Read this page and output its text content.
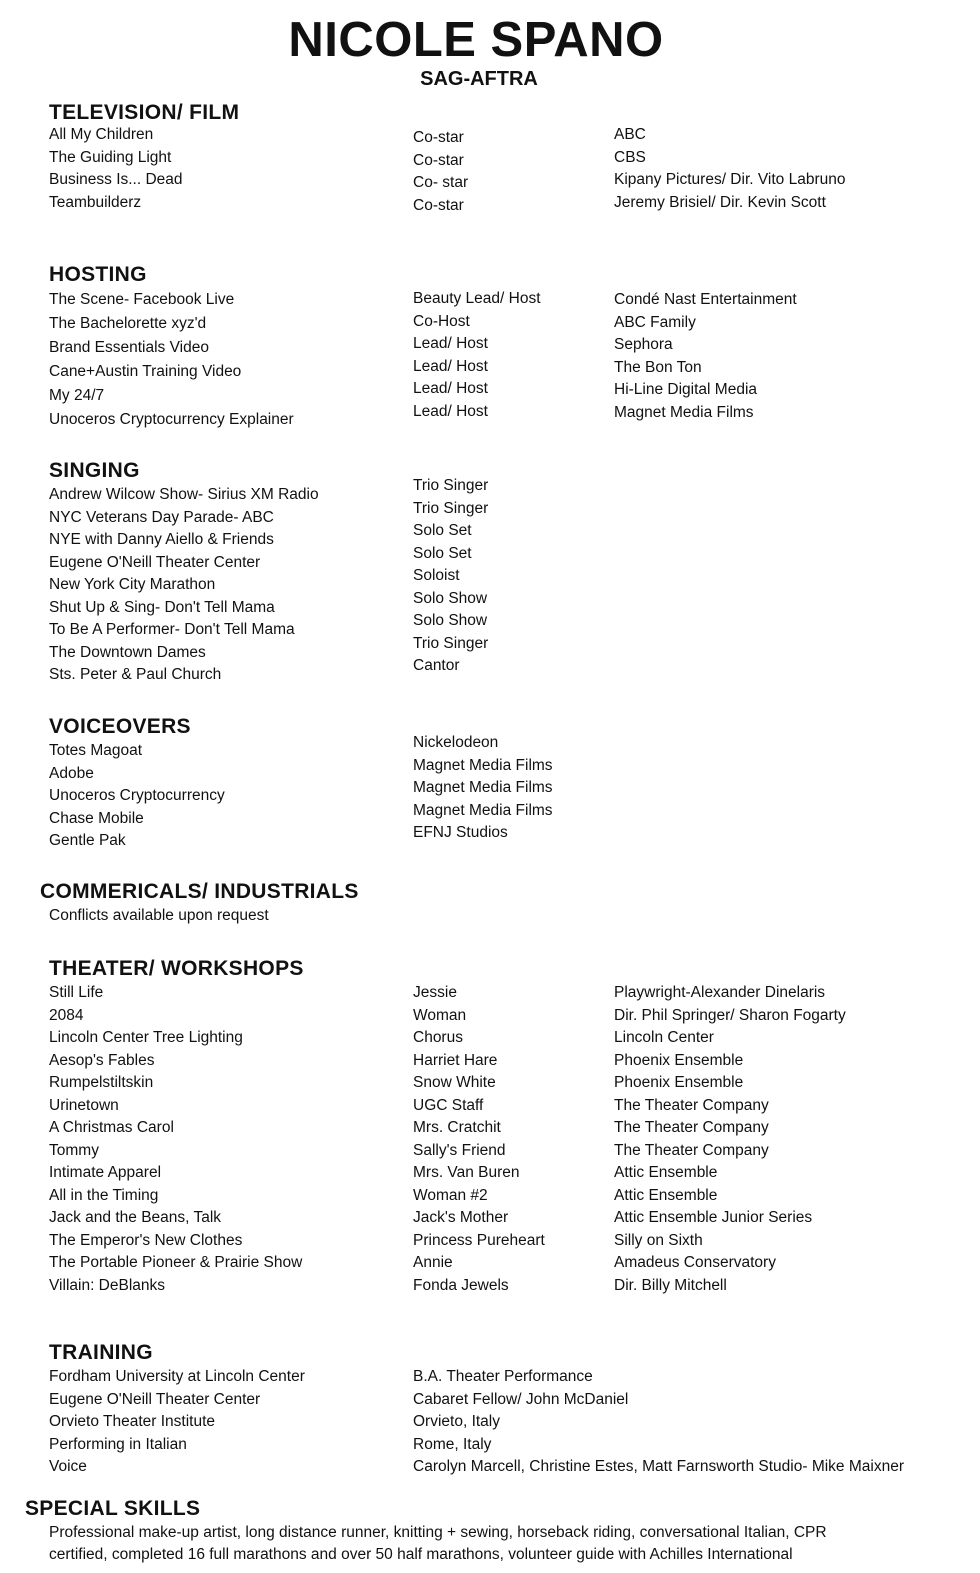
NICOLE SPANO
SAG-AFTRA
TELEVISION/ FILM
All My Children
The Guiding Light
Business Is... Dead
Teambuilderz
Co-star
Co-star
Co- star
Co-star
ABC
CBS
Kipany Pictures/ Dir. Vito Labruno
Jeremy Brisiel/ Dir. Kevin Scott
HOSTING
The Scene- Facebook Live
The Bachelorette xyz'd
Brand Essentials Video
Cane+Austin Training Video
My 24/7
Unoceros Cryptocurrency Explainer
Beauty Lead/ Host
Co-Host
Lead/ Host
Lead/ Host
Lead/ Host
Lead/ Host
Condé Nast Entertainment
ABC Family
Sephora
The Bon Ton
Hi-Line Digital Media
Magnet Media Films
SINGING
Andrew Wilcow Show- Sirius XM Radio
NYC Veterans Day Parade- ABC
NYE with Danny Aiello & Friends
Eugene O'Neill Theater Center
New York City Marathon
Shut Up & Sing- Don't Tell Mama
To Be A Performer- Don't Tell Mama
The Downtown Dames
Sts. Peter & Paul Church
Trio Singer
Trio Singer
Solo Set
Solo Set
Soloist
Solo Show
Solo Show
Trio Singer
Cantor
VOICEOVERS
Totes Magoat
Adobe
Unoceros Cryptocurrency
Chase Mobile
Gentle Pak
Nickelodeon
Magnet Media Films
Magnet Media Films
Magnet Media Films
EFNJ Studios
COMMERICALS/ INDUSTRIALS
Conflicts available upon request
THEATER/ WORKSHOPS
Still Life
2084
Lincoln Center Tree Lighting
Aesop's Fables
Rumpelstiltskin
Urinetown
A Christmas Carol
Tommy
Intimate Apparel
All in the Timing
Jack and the Beans, Talk
The Emperor's New Clothes
The Portable Pioneer & Prairie Show
Villain: DeBlanks
Jessie
Woman
Chorus
Harriet Hare
Snow White
UGC Staff
Mrs. Cratchit
Sally's Friend
Mrs. Van Buren
Woman #2
Jack's Mother
Princess Pureheart
Annie
Fonda Jewels
Playwright-Alexander Dinelaris
Dir. Phil Springer/ Sharon Fogarty
Lincoln Center
Phoenix Ensemble
Phoenix Ensemble
The Theater Company
The Theater Company
The Theater Company
Attic Ensemble
Attic Ensemble
Attic Ensemble Junior Series
Silly on Sixth
Amadeus Conservatory
Dir. Billy Mitchell
TRAINING
Fordham University at Lincoln Center
Eugene O'Neill Theater Center
Orvieto Theater Institute
Performing in Italian
Voice
B.A. Theater Performance
Cabaret Fellow/ John McDaniel
Orvieto, Italy
Rome, Italy
Carolyn Marcell, Christine Estes, Matt Farnsworth Studio- Mike Maixner
SPECIAL SKILLS
Professional make-up artist, long distance runner, knitting + sewing, horseback riding, conversational Italian, CPR
certified, completed 16 full marathons and over 50 half marathons, volunteer guide with Achilles International
